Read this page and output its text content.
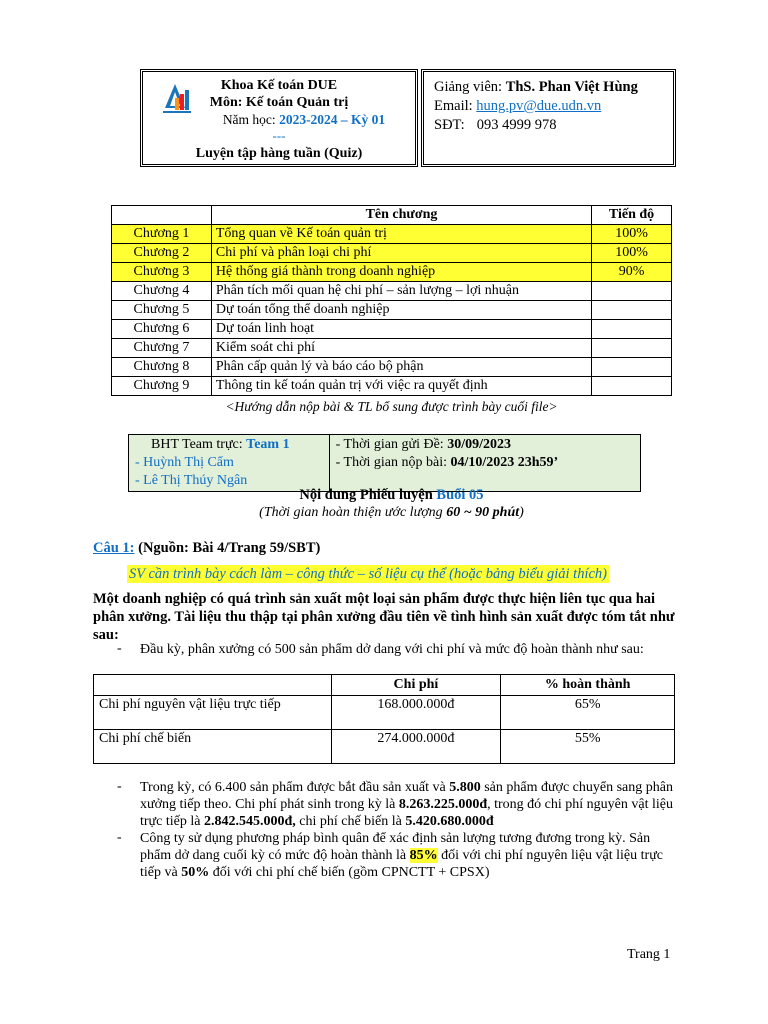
Khoa Kế toán DUE
Môn: Kế toán Quản trị
Năm học: 2023-2024 – Kỳ 01
---
Luyện tập hàng tuần (Quiz)
Giảng viên: ThS. Phan Việt Hùng
Email: hung.pv@due.udn.vn
SĐT: 093 4999 978
	Tên chương	Tiến độ
Chương 1	Tổng quan về Kế toán quản trị	100%
Chương 2	Chi phí và phân loại chi phí	100%
Chương 3	Hệ thống giá thành trong doanh nghiệp	90%
Chương 4	Phân tích mối quan hệ chi phí – sản lượng – lợi nhuận	
Chương 5	Dự toán tổng thể doanh nghiệp	
Chương 6	Dự toán linh hoạt	
Chương 7	Kiểm soát chi phí	
Chương 8	Phân cấp quản lý và báo cáo bộ phận	
Chương 9	Thông tin kế toán quản trị với việc ra quyết định	
<Hướng dẫn nộp bài & TL bổ sung được trình bày cuối file>
BHT Team trực: Team 1
- Huỳnh Thị Cẩm
- Lê Thị Thúy Ngân

- Thời gian gửi Đề: 30/09/2023
- Thời gian nộp bài: 04/10/2023 23h59’
Nội dung Phiếu luyện Buổi 05
(Thời gian hoàn thiện ước lượng 60 ~ 90 phút)
Câu 1: (Nguồn: Bài 4/Trang 59/SBT)
SV cần trình bày cách làm – công thức – số liệu cụ thể (hoặc bảng biểu giải thích)
Một doanh nghiệp có quá trình sản xuất một loại sản phẩm được thực hiện liên tục qua hai phân xưởng. Tài liệu thu thập tại phân xưởng đầu tiên về tình hình sản xuất được tóm tắt như sau:
- Đầu kỳ, phân xưởng có 500 sản phẩm dở dang với chi phí và mức độ hoàn thành như sau:
	Chi phí	% hoàn thành
Chi phí nguyên vật liệu trực tiếp	168.000.000đ	65%
Chi phí chế biến	274.000.000đ	55%
- Trong kỳ, có 6.400 sản phẩm được bắt đầu sản xuất và 5.800 sản phẩm được chuyển sang phân xưởng tiếp theo. Chi phí phát sinh trong kỳ là 8.263.225.000đ, trong đó chi phí nguyên vật liệu trực tiếp là 2.842.545.000đ, chi phí chế biến là 5.420.680.000đ
- Công ty sử dụng phương pháp bình quân để xác định sản lượng tương đương trong kỳ. Sản phẩm dở dang cuối kỳ có mức độ hoàn thành là 85% đối với chi phí nguyên liệu vật liệu trực tiếp và 50% đối với chi phí chế biến (gồm CPNCTT + CPSX)
Trang 1
